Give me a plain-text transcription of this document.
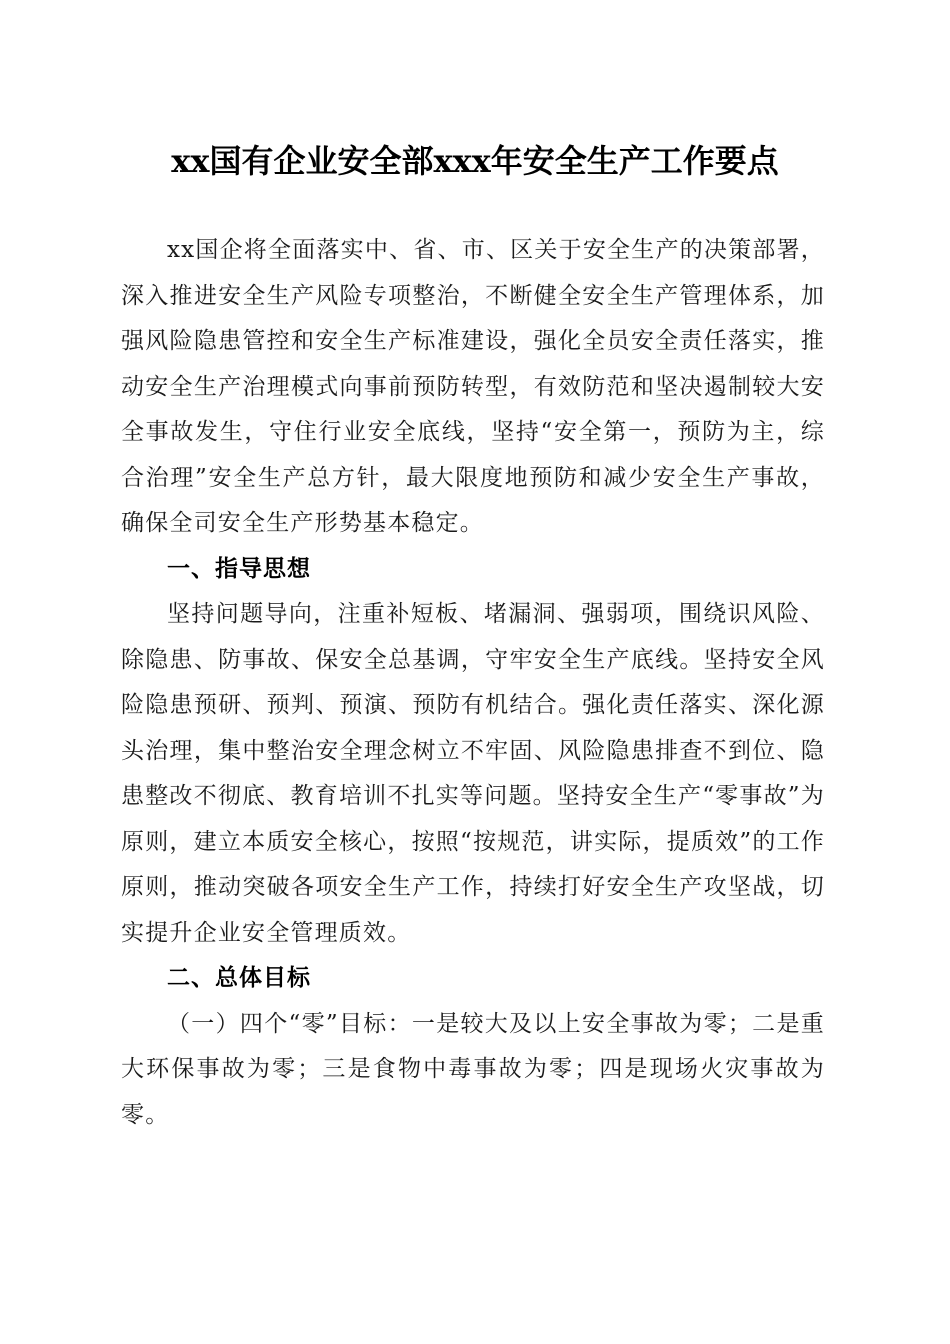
xx国有企业安全部xxx年安全生产工作要点

xx国企将全面落实中、省、市、区关于安全生产的决策部署，深入推进安全生产风险专项整治，不断健全安全生产管理体系，加强风险隐患管控和安全生产标准建设，强化全员安全责任落实，推动安全生产治理模式向事前预防转型，有效防范和坚决遏制较大安全事故发生，守住行业安全底线，坚持“安全第一，预防为主，综合治理”安全生产总方针，最大限度地预防和减少安全生产事故，确保全司安全生产形势基本稳定。

一、指导思想

坚持问题导向，注重补短板、堵漏洞、强弱项，围绕识风险、除隐患、防事故、保安全总基调，守牢安全生产底线。坚持安全风险隐患预研、预判、预演、预防有机结合。强化责任落实、深化源头治理，集中整治安全理念树立不牢固、风险隐患排查不到位、隐患整改不彻底、教育培训不扎实等问题。坚持安全生产“零事故”为原则，建立本质安全核心，按照“按规范，讲实际，提质效”的工作原则，推动突破各项安全生产工作，持续打好安全生产攻坚战，切实提升企业安全管理质效。

二、总体目标

（一）四个“零”目标：一是较大及以上安全事故为零；二是重大环保事故为零；三是食物中毒事故为零；四是现场火灾事故为零。
